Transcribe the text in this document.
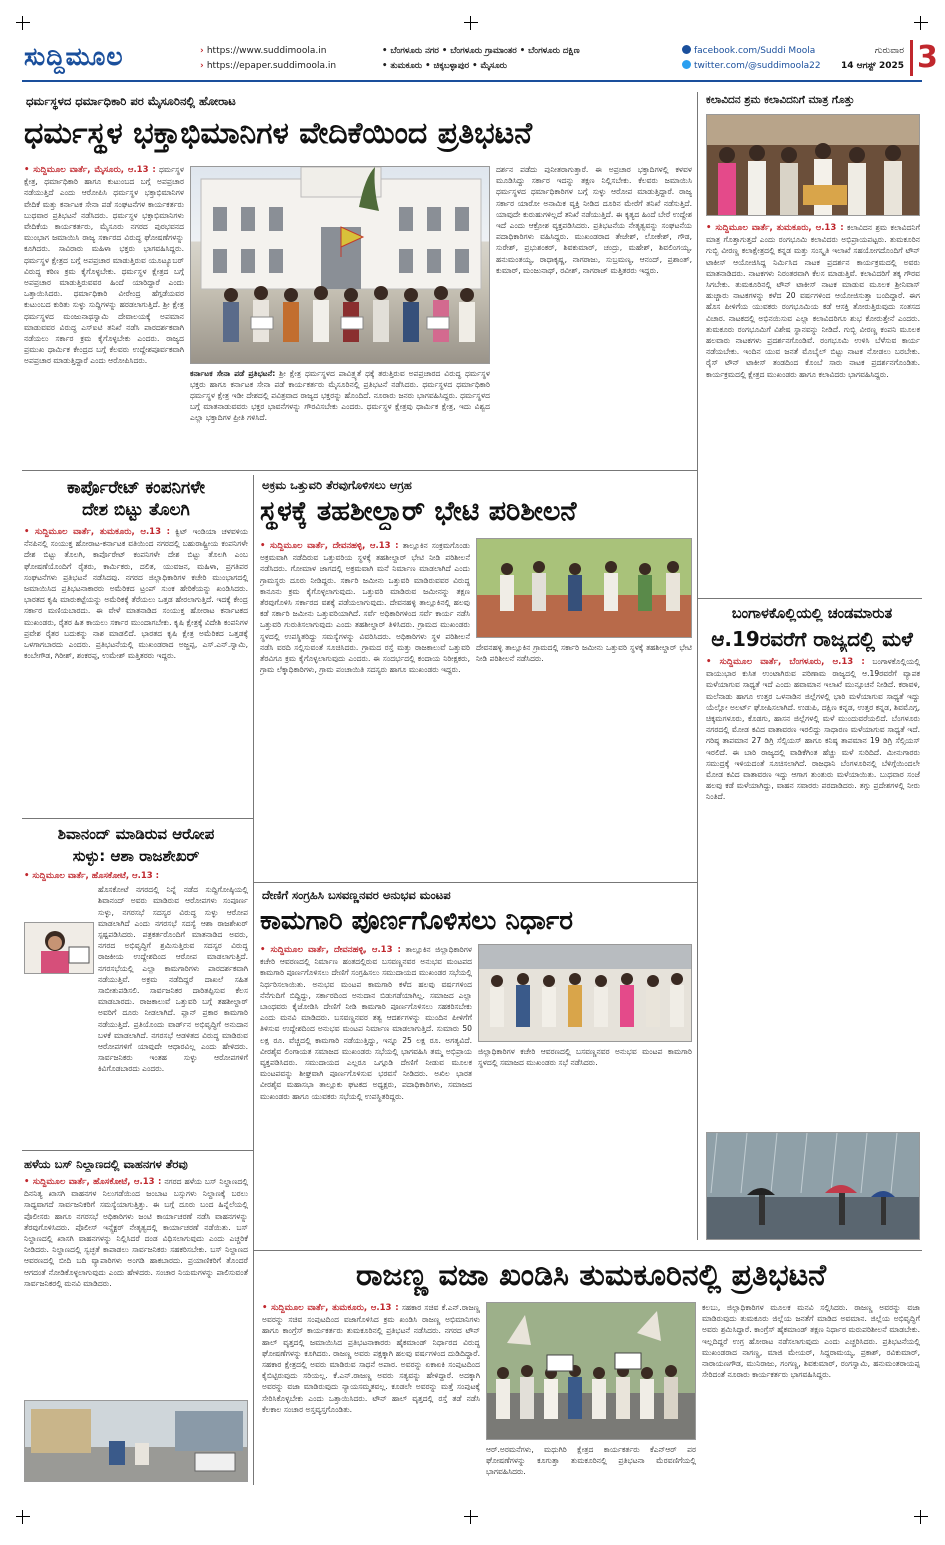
ಸುದ್ದಿಮೂಲ
›	https://www.suddimoola.in
› https://epaper.suddimoola.in
• ಬೆಂಗಳೂರು ನಗರ • ಬೆಂಗಳೂರು ಗ್ರಾಮಾಂತರ • ಬೆಂಗಳೂರು ದಕ್ಷಿಣ
• ತುಮಕೂರು • ಚಿಕ್ಕಬಳ್ಳಾಪುರ • ಮೈಸೂರು
facebook.com/Suddi Moola
twitter.com/@suddimoola22
ಗುರುವಾರ
14 ಆಗಸ್ಟ್ 2025 3
ಧರ್ಮಸ್ಥಳದ ಧರ್ಮಾಧಿಕಾರಿ ಪರ ಮೈಸೂರಿನಲ್ಲಿ ಹೋರಾಟ
ಧರ್ಮಸ್ಥಳ ಭಕ್ತಾಭಿಮಾನಿಗಳ ವೇದಿಕೆಯಿಂದ ಪ್ರತಿಭಟನೆ

• ಸುದ್ದಿಮೂಲ ವಾರ್ತೆ, ಮೈಸೂರು, ಆ.13 : ಧರ್ಮಸ್ಥಳ ಕ್ಷೇತ್ರ, ಧರ್ಮಾಧಿಕಾರಿ ಹಾಗೂ ಕುಟುಂಬದ ಬಗ್ಗೆ ಅಪಪ್ರಚಾರ ನಡೆಯುತ್ತಿದೆ ಎಂದು ಆರೋಪಿಸಿ ಧರ್ಮಸ್ಥಳ ಭಕ್ತಾಭಿಮಾನಿಗಳ ವೇದಿಕೆ ಮತ್ತು ಕರ್ನಾಟಕ ಸೇನಾ ಪಡೆ ಸಂಘಟನೆಗಳ ಕಾರ್ಯಕರ್ತರು ಬುಧವಾರ ಪ್ರತಿಭಟನೆ ನಡೆಸಿದರು. ಧರ್ಮಸ್ಥಳ ಭಕ್ತಾಭಿಮಾನಿಗಳು ವೇದಿಕೆಯ ಕಾರ್ಯಕರ್ತರು, ಮೈಸೂರು ನಗರದ ಪುರಭವನದ ಮುಂಭಾಗ ಜಮಾಯಿಸಿ ರಾಜ್ಯ ಸರ್ಕಾರದ ವಿರುದ್ಧ ಘೋಷಣೆಗಳನ್ನು ಕೂಗಿದರು. ಸಾವಿರಾರು ಮಹಿಳಾ ಭಕ್ತರು ಭಾಗವಹಿಸಿದ್ದರು. ಧರ್ಮಸ್ಥಳ ಕ್ಷೇತ್ರದ ಬಗ್ಗೆ ಅಪಪ್ರಚಾರ ಮಾಡುತ್ತಿರುವ ಯೂಟ್ಯೂಬರ್ ವಿರುದ್ಧ ಕಠಿಣ ಕ್ರಮ ಕೈಗೊಳ್ಳಬೇಕು. ಧರ್ಮಸ್ಥಳ ಕ್ಷೇತ್ರದ ಬಗ್ಗೆ ಅಪಪ್ರಚಾರ ಮಾಡುತ್ತಿರುವವರ ಹಿಂದೆ ಯಾರಿದ್ದಾರೆ ಎಂದು ಒತ್ತಾಯಿಸಿದರು. ಧರ್ಮಾಧಿಕಾರಿ ವೀರೇಂದ್ರ ಹೆಗ್ಗಡೆಯವರ ಕುಟುಂಬದ ಕುರಿತು ಸುಳ್ಳು ಸುದ್ದಿಗಳನ್ನು ಹರಡಲಾಗುತ್ತಿದೆ. ಶ್ರೀ ಕ್ಷೇತ್ರ ಧರ್ಮಸ್ಥಳದ ಮಂಜುನಾಥಸ್ವಾಮಿ ದೇವಾಲಯಕ್ಕೆ ಅಪಮಾನ ಮಾಡುವವರ ವಿರುದ್ಧ ಎಸ್ಐಟಿ ತನಿಖೆ ನಡೆಸಿ ಪಾರದರ್ಶಕವಾಗಿ ನಡೆಯಲು ಸರ್ಕಾರ ಕ್ರಮ ಕೈಗೊಳ್ಳಬೇಕು ಎಂದರು. ರಾಜ್ಯದ ಪ್ರಮುಖ ಧಾರ್ಮಿಕ ಕೇಂದ್ರದ ಬಗ್ಗೆ ಕೆಲವರು ಉದ್ದೇಶಪೂರ್ವಕವಾಗಿ ಅಪಪ್ರಚಾರ ಮಾಡುತ್ತಿದ್ದಾರೆ ಎಂದು ಆರೋಪಿಸಿದರು.

ಕರ್ನಾಟಕ ಸೇನಾ ಪಡೆ ಪ್ರತಿಭಟನೆ: ಶ್ರೀ ಕ್ಷೇತ್ರ ಧರ್ಮಸ್ಥಳದ ಪಾವಿತ್ರ್ಯತೆ ಧಕ್ಕೆ ತರುತ್ತಿರುವ ಅಪಪ್ರಚಾರದ ವಿರುದ್ಧ ಧರ್ಮಸ್ಥಳ ಭಕ್ತರು ಹಾಗೂ ಕರ್ನಾಟಕ ಸೇನಾ ಪಡೆ ಕಾರ್ಯಕರ್ತರು ಮೈಸೂರಿನಲ್ಲಿ ಪ್ರತಿಭಟನೆ ನಡೆಸಿದರು. ಧರ್ಮಸ್ಥಳದ ಧರ್ಮಾಧಿಕಾರಿ ಧರ್ಮಸ್ಥಳ ಕ್ಷೇತ್ರ ಇಡೀ ದೇಶದಲ್ಲಿ ಪವಿತ್ರವಾದ ರಾಜ್ಯದ ಭಕ್ತರನ್ನು ಹೊಂದಿದೆ. ನೂರಾರು ಜನರು ಭಾಗವಹಿಸಿದ್ದರು. ಧರ್ಮಸ್ಥಳದ ಬಗ್ಗೆ ಮಾತನಾಡುವವರು ಭಕ್ತರ ಭಾವನೆಗಳನ್ನು ಗೌರವಿಸಬೇಕು ಎಂದರು. ಧರ್ಮಸ್ಥಳ ಕ್ಷೇತ್ರವು ಧಾರ್ಮಿಕ ಕ್ಷೇತ್ರ, ಇದು ವಿಶ್ವದ ಎಲ್ಲಾ ಭಕ್ತಾದಿಗಳ ಪ್ರೀತಿ ಗಳಿಸಿದೆ.
ದರ್ಶನ ಪಡೆದು ಪುನೀತರಾಗುತ್ತಾರೆ. ಈ ಅಪ್ರಚಾರ ಭಕ್ತಾದಿಗಳಲ್ಲಿ ಕಳವಳ ಮೂಡಿಸಿದ್ದು ಸರ್ಕಾರ ಇದನ್ನು ತಕ್ಷಣ ನಿಲ್ಲಿಸಬೇಕು. ಕೆಲವರು ಜಮಾಯಿಸಿ ಧರ್ಮಸ್ಥಳದ ಧರ್ಮಾಧಿಕಾರಿಗಳ ಬಗ್ಗೆ ಸುಳ್ಳು ಆರೋಪ ಮಾಡುತ್ತಿದ್ದಾರೆ. ರಾಜ್ಯ ಸರ್ಕಾರ ಯಾರೋ ಅನಾಮಿಕ ವ್ಯಕ್ತಿ ನೀಡಿದ ದೂರಿನ ಮೇರೆಗೆ ತನಿಖೆ ನಡೆಸುತ್ತಿದೆ. ಯಾವುದೇ ಕುರುಹುಗಳಿಲ್ಲದೆ ತನಿಖೆ ನಡೆಯುತ್ತಿದೆ. ಈ ಕೃತ್ಯದ ಹಿಂದೆ ಬೇರೆ ಉದ್ದೇಶ ಇದೆ ಎಂದು ಆಕ್ರೋಶ ವ್ಯಕ್ತಪಡಿಸಿದರು. ಪ್ರತಿಭಟನೆಯ ನೇತೃತ್ವವನ್ನು ಸಂಘಟನೆಯ ಪದಾಧಿಕಾರಿಗಳು ವಹಿಸಿದ್ದರು. ಮುಖಂಡರಾದ ತೇಜೇಶ್, ಲೋಕೇಶ್, ಗೌಡ, ಸುರೇಶ್, ಪ್ರಭುಶಂಕರ್, ಶಿವಕುಮಾರ್, ಚಂದ್ರು, ಮಹೇಶ್, ಶಿವಲಿಂಗಯ್ಯ, ಹನುಮಂತಯ್ಯ, ರಾಧಾಕೃಷ್ಣ, ನಾಗರಾಜು, ಸುಬ್ರಮಣ್ಯ, ಆನಂದ್, ಪ್ರಶಾಂತ್, ಕುಮಾರ್, ಮಂಜುನಾಥ್, ರವೀಶ್, ನಾಗರಾಜ್ ಮತ್ತಿತರರು ಇದ್ದರು.
ಕಲಾವಿದನ ಶ್ರಮ ಕಲಾವಿದನಿಗೆ ಮಾತ್ರ ಗೊತ್ತು

• ಸುದ್ದಿಮೂಲ ವಾರ್ತೆ, ತುಮಕೂರು, ಆ.13 : ಕಲಾವಿದನ ಶ್ರಮ ಕಲಾವಿದನಿಗೆ ಮಾತ್ರ ಗೊತ್ತಾಗುತ್ತದೆ ಎಂದು ರಂಗಭೂಮಿ ಕಲಾವಿದರು ಅಭಿಪ್ರಾಯಪಟ್ಟರು. ತುಮಕೂರಿನ ಗುಬ್ಬಿ ವೀರಣ್ಣ ಕಲಾಕ್ಷೇತ್ರದಲ್ಲಿ ಕನ್ನಡ ಮತ್ತು ಸಂಸ್ಕೃತಿ ಇಲಾಖೆ ಸಹಯೋಗದೊಂದಿಗೆ ಟೌನ್ ಟಾಕೀಸ್ ಆಯೋಜಿಸಿದ್ದ ನಿರ್ಮಿಸಿದ ನಾಟಕ ಪ್ರದರ್ಶನ ಕಾರ್ಯಕ್ರಮದಲ್ಲಿ ಅವರು ಮಾತನಾಡಿದರು. ನಾಟಕಗಳು ನಿರಂತರವಾಗಿ ಕೆಲಸ ಮಾಡುತ್ತಿವೆ. ಕಲಾವಿದರಿಗೆ ತಕ್ಕ ಗೌರವ ಸಿಗಬೇಕು. ತುಮಕೂರಿನಲ್ಲಿ ಟೌನ್ ಟಾಕೀಸ್ ನಾಟಕ ಮಾಡುವ ಮೂಲಕ ಶ್ರೀನಿವಾಸ್ ಹುಚ್ಚಾರು ನಾಟಕಗಳನ್ನು ಕಳೆದ 20 ವರ್ಷಗಳಿಂದ ಆಯೋಜಿಸುತ್ತಾ ಬಂದಿದ್ದಾರೆ. ಈಗ ಹೊಸ ಪೀಳಿಗೆಯ ಯುವಕರು ರಂಗಭೂಮಿಯ ಕಡೆ ಆಸಕ್ತಿ ತೋರುತ್ತಿರುವುದು ಸಂತಸದ ವಿಚಾರ. ನಾಟಕದಲ್ಲಿ ಅಭಿನಯಿಸುವ ಎಲ್ಲಾ ಕಲಾವಿದರಿಗೂ ಶುಭ ಕೋರುತ್ತೇನೆ ಎಂದರು. ತುಮಕೂರು ರಂಗಭೂಮಿಗೆ ವಿಶೇಷ ಸ್ಥಾನವನ್ನು ನೀಡಿದೆ. ಗುಬ್ಬಿ ವೀರಣ್ಣ ಕಂಪನಿ ಮೂಲಕ ಹಲವಾರು ನಾಟಕಗಳು ಪ್ರದರ್ಶನಗೊಂಡಿವೆ. ರಂಗಭೂಮಿ ಉಳಿಸಿ ಬೆಳೆಸುವ ಕಾರ್ಯ ನಡೆಯಬೇಕು. ಇಂದಿನ ಯುವ ಜನತೆ ಮೊಬೈಲ್ ಬಿಟ್ಟು ನಾಟಕ ನೋಡಲು ಬರಬೇಕು. ರೈಸ್ ಟೌನ್ ಟಾಕೀಸ್ ತಂಡದಿಂದ ಕೊಂಬೆ ಸಾರು ನಾಟಕ ಪ್ರದರ್ಶನಗೊಂಡಿತು. ಕಾರ್ಯಕ್ರಮದಲ್ಲಿ ಕ್ಷೇತ್ರದ ಮುಖಂಡರು ಹಾಗೂ ಕಲಾವಿದರು ಭಾಗವಹಿಸಿದ್ದರು.

ಕಾರ್ಪೊರೇಟ್ ಕಂಪನಿಗಳೇ
ದೇಶ ಬಿಟ್ಟು ತೊಲಗಿ

• ಸುದ್ದಿಮೂಲ ವಾರ್ತೆ, ತುಮಕೂರು, ಆ.13 : ಕ್ವಿಟ್ ಇಂಡಿಯಾ ಚಳವಳಿಯ ನೆನಪಿನಲ್ಲಿ ಸಂಯುಕ್ತ ಹೋರಾಟ-ಕರ್ನಾಟಕ ವತಿಯಿಂದ ನಗರದಲ್ಲಿ ಬಹುರಾಷ್ಟ್ರೀಯ ಕಂಪನಿಗಳೇ ದೇಶ ಬಿಟ್ಟು ತೊಲಗಿ, ಕಾರ್ಪೊರೇಟ್ ಕಂಪನಿಗಳೇ ದೇಶ ಬಿಟ್ಟು ತೊಲಗಿ ಎಂಬ ಘೋಷಣೆಯೊಂದಿಗೆ ರೈತರು, ಕಾರ್ಮಿಕರು, ದಲಿತ, ಯುವಜನ, ಮಹಿಳಾ, ಪ್ರಗತಿಪರ ಸಂಘಟನೆಗಳು ಪ್ರತಿಭಟನೆ ನಡೆಸಿದವು. ನಗರದ ಜಿಲ್ಲಾಧಿಕಾರಿಗಳ ಕಚೇರಿ ಮುಂಭಾಗದಲ್ಲಿ ಜಮಾಯಿಸಿದ ಪ್ರತಿಭಟನಾಕಾರರು ಅಮೆರಿಕದ ಟ್ರಂಪ್ ಸುಂಕ ಹೇರಿಕೆಯನ್ನು ಖಂಡಿಸಿದರು. ಭಾರತದ ಕೃಷಿ ಮಾರುಕಟ್ಟೆಯನ್ನು ಅಮೆರಿಕಕ್ಕೆ ತೆರೆಯಲು ಒತ್ತಡ ಹೇರಲಾಗುತ್ತಿದೆ. ಇದಕ್ಕೆ ಕೇಂದ್ರ ಸರ್ಕಾರ ಮಣಿಯಬಾರದು. ಈ ವೇಳೆ ಮಾತನಾಡಿದ ಸಂಯುಕ್ತ ಹೋರಾಟ ಕರ್ನಾಟಕದ ಮುಖಂಡರು, ರೈತರ ಹಿತ ಕಾಯಲು ಸರ್ಕಾರ ಮುಂದಾಗಬೇಕು. ಕೃಷಿ ಕ್ಷೇತ್ರಕ್ಕೆ ವಿದೇಶಿ ಕಂಪನಿಗಳ ಪ್ರವೇಶ ರೈತರ ಬದುಕನ್ನು ನಾಶ ಮಾಡಲಿದೆ. ಭಾರತದ ಕೃಷಿ ಕ್ಷೇತ್ರ ಅಮೆರಿಕದ ಒತ್ತಡಕ್ಕೆ ಒಳಗಾಗಬಾರದು ಎಂದರು. ಪ್ರತಿಭಟನೆಯಲ್ಲಿ ಮುಖಂಡರಾದ ಅಜ್ಜಪ್ಪ, ಎಸ್.ಎನ್.ಸ್ವಾಮಿ, ಕಂಬೇಗೌಡ, ಗಿರೀಶ್, ಶಂಕರಪ್ಪ, ಉಮೇಶ್ ಮತ್ತಿತರರು ಇದ್ದರು.

ಶಿವಾನಂದ್ ಮಾಡಿರುವ ಆರೋಪ
ಸುಳ್ಳು: ಆಶಾ ರಾಜಶೇಖರ್

• ಸುದ್ದಿಮೂಲ ವಾರ್ತೆ, ಹೊಸಕೋಟೆ, ಆ.13 :

ಹೊಸಕೋಟೆ ನಗರದಲ್ಲಿ ನಿನ್ನೆ ನಡೆದ ಸುದ್ದಿಗೋಷ್ಠಿಯಲ್ಲಿ ಶಿವಾನಂದ್ ಅವರು ಮಾಡಿರುವ ಆರೋಪಗಳು ಸಂಪೂರ್ಣ ಸುಳ್ಳು, ನಗರಸಭೆ ಸದಸ್ಯರ ವಿರುದ್ಧ ಸುಳ್ಳು ಆರೋಪ ಮಾಡಲಾಗಿದೆ ಎಂದು ನಗರಸಭೆ ಸದಸ್ಯೆ ಆಶಾ ರಾಜಶೇಖರ್ ಸ್ಪಷ್ಟಪಡಿಸಿದರು. ಪತ್ರಕರ್ತರೊಂದಿಗೆ ಮಾತನಾಡಿದ ಅವರು, ನಗರದ ಅಭಿವೃದ್ಧಿಗೆ ಶ್ರಮಿಸುತ್ತಿರುವ ಸದಸ್ಯರ ವಿರುದ್ಧ ರಾಜಕೀಯ ಉದ್ದೇಶದಿಂದ ಆರೋಪ ಮಾಡಲಾಗುತ್ತಿದೆ. ನಗರಸಭೆಯಲ್ಲಿ ಎಲ್ಲಾ ಕಾಮಗಾರಿಗಳು ಪಾರದರ್ಶಕವಾಗಿ ನಡೆಯುತ್ತಿವೆ. ಅಕ್ರಮ ನಡೆದಿದ್ದರೆ ದಾಖಲೆ ಸಹಿತ ಸಾಬೀತುಪಡಿಸಲಿ. ಸಾರ್ವಜನಿಕರ ದಾರಿತಪ್ಪಿಸುವ ಕೆಲಸ ಮಾಡಬಾರದು. ರಾಜಕಾಲುವೆ ಒತ್ತುವರಿ ಬಗ್ಗೆ ತಹಶೀಲ್ದಾರ್ ಅವರಿಗೆ ದೂರು ನೀಡಲಾಗಿದೆ. ಪ್ಲಾನ್ ಪ್ರಕಾರ ಕಾಮಗಾರಿ ನಡೆಯುತ್ತಿದೆ. ಪ್ರತಿಯೊಂದು ವಾರ್ಡ್‌ನ ಅಭಿವೃದ್ಧಿಗೆ ಅನುದಾನ ಬಳಕೆ ಮಾಡಲಾಗಿದೆ. ನಗರಸಭೆ ಆಡಳಿತದ ವಿರುದ್ಧ ಮಾಡಿರುವ ಆರೋಪಗಳಿಗೆ ಯಾವುದೇ ಆಧಾರವಿಲ್ಲ ಎಂದು ಹೇಳಿದರು. ಸಾರ್ವಜನಿಕರು ಇಂತಹ ಸುಳ್ಳು ಆರೋಪಗಳಿಗೆ ಕಿವಿಗೊಡಬಾರದು ಎಂದರು.

ಹಳೆಯ ಬಸ್ ನಿಲ್ದಾಣದಲ್ಲಿ ವಾಹನಗಳ ತೆರವು

• ಸುದ್ದಿಮೂಲ ವಾರ್ತೆ, ಹೊಸಕೋಟೆ, ಆ.13 : ನಗರದ ಹಳೆಯ ಬಸ್ ನಿಲ್ದಾಣದಲ್ಲಿ ದಿನನಿತ್ಯ ಖಾಸಗಿ ವಾಹನಗಳ ನಿಲುಗಡೆಯಿಂದ ಜಂಬಾಟ ಬಸ್ಸುಗಳು ನಿಲ್ದಾಣಕ್ಕೆ ಬರಲು ಸಾಧ್ಯವಾಗದೆ ಸಾರ್ವಜನಿಕರಿಗೆ ಸಮಸ್ಯೆಯಾಗುತ್ತಿತ್ತು. ಈ ಬಗ್ಗೆ ದೂರು ಬಂದ ಹಿನ್ನೆಲೆಯಲ್ಲಿ ಪೊಲೀಸರು ಹಾಗೂ ನಗರಸಭೆ ಅಧಿಕಾರಿಗಳು ಜಂಟಿ ಕಾರ್ಯಾಚರಣೆ ನಡೆಸಿ ವಾಹನಗಳನ್ನು ತೆರವುಗೊಳಿಸಿದರು. ಪೊಲೀಸ್ ಇನ್ಸ್ಪೆಕ್ಟರ್ ನೇತೃತ್ವದಲ್ಲಿ ಕಾರ್ಯಾಚರಣೆ ನಡೆಯಿತು. ಬಸ್ ನಿಲ್ದಾಣದಲ್ಲಿ ಖಾಸಗಿ ವಾಹನಗಳನ್ನು ನಿಲ್ಲಿಸಿದರೆ ದಂಡ ವಿಧಿಸಲಾಗುವುದು ಎಂದು ಎಚ್ಚರಿಕೆ ನೀಡಿದರು. ನಿಲ್ದಾಣದಲ್ಲಿ ಸ್ವಚ್ಛತೆ ಕಾಪಾಡಲು ಸಾರ್ವಜನಿಕರು ಸಹಕರಿಸಬೇಕು. ಬಸ್ ನಿಲ್ದಾಣದ ಆವರಣದಲ್ಲಿ ಬೀದಿ ಬದಿ ವ್ಯಾಪಾರಿಗಳು ಅಂಗಡಿ ಹಾಕಬಾರದು. ಪ್ರಯಾಣಿಕರಿಗೆ ತೊಂದರೆ ಆಗದಂತೆ ನೋಡಿಕೊಳ್ಳಲಾಗುವುದು ಎಂದು ಹೇಳಿದರು. ಸಂಚಾರ ನಿಯಮಗಳನ್ನು ಪಾಲಿಸುವಂತೆ ಸಾರ್ವಜನಿಕರಲ್ಲಿ ಮನವಿ ಮಾಡಿದರು.

ಅಕ್ರಮ ಒತ್ತುವರಿ ತೆರವುಗೊಳಿಸಲು ಆಗ್ರಹ
ಸ್ಥಳಕ್ಕೆ ತಹಶೀಲ್ದಾರ್ ಭೇಟಿ ಪರಿಶೀಲನೆ

• ಸುದ್ದಿಮೂಲ ವಾರ್ತೆ, ದೇವನಹಳ್ಳಿ, ಆ.13 : ತಾಲ್ಲೂಕಿನ ಸಂಕ್ರಮಗೊಂಡು ಅಕ್ರಮವಾಗಿ ನಡೆದಿರುವ ಒತ್ತುವರಿಯ ಸ್ಥಳಕ್ಕೆ ತಹಶೀಲ್ದಾರ್ ಭೇಟಿ ನೀಡಿ ಪರಿಶೀಲನೆ ನಡೆಸಿದರು. ಗೋಮಾಳ ಜಾಗದಲ್ಲಿ ಅಕ್ರಮವಾಗಿ ಮನೆ ನಿರ್ಮಾಣ ಮಾಡಲಾಗಿದೆ ಎಂದು ಗ್ರಾಮಸ್ಥರು ದೂರು ನೀಡಿದ್ದರು. ಸರ್ಕಾರಿ ಜಮೀನು ಒತ್ತುವರಿ ಮಾಡಿರುವವರ ವಿರುದ್ಧ ಕಾನೂನು ಕ್ರಮ ಕೈಗೊಳ್ಳಲಾಗುವುದು. ಒತ್ತುವರಿ ಮಾಡಿರುವ ಜಮೀನನ್ನು ತಕ್ಷಣ ತೆರವುಗೊಳಿಸಿ ಸರ್ಕಾರದ ವಶಕ್ಕೆ ಪಡೆಯಲಾಗುವುದು. ದೇವನಹಳ್ಳಿ ತಾಲ್ಲೂಕಿನಲ್ಲಿ ಹಲವು ಕಡೆ ಸರ್ಕಾರಿ ಜಮೀನು ಒತ್ತುವರಿಯಾಗಿದೆ. ಸರ್ವೆ ಅಧಿಕಾರಿಗಳಿಂದ ಸರ್ವೆ ಕಾರ್ಯ ನಡೆಸಿ ಒತ್ತುವರಿ ಗುರುತಿಸಲಾಗುವುದು ಎಂದು ತಹಶೀಲ್ದಾರ್ ತಿಳಿಸಿದರು. ಗ್ರಾಮದ ಮುಖಂಡರು ಸ್ಥಳದಲ್ಲಿ ಉಪಸ್ಥಿತರಿದ್ದು ಸಮಸ್ಯೆಗಳನ್ನು ವಿವರಿಸಿದರು. ಅಧಿಕಾರಿಗಳು ಸ್ಥಳ ಪರಿಶೀಲನೆ ನಡೆಸಿ ವರದಿ ಸಲ್ಲಿಸುವಂತೆ ಸೂಚಿಸಿದರು. ಗ್ರಾಮದ ರಸ್ತೆ ಮತ್ತು ರಾಜಕಾಲುವೆ ಒತ್ತುವರಿ ತೆರವಿಗೂ ಕ್ರಮ ಕೈಗೊಳ್ಳಲಾಗುವುದು ಎಂದರು. ಈ ಸಂದರ್ಭದಲ್ಲಿ ಕಂದಾಯ ನಿರೀಕ್ಷಕರು, ಗ್ರಾಮ ಲೆಕ್ಕಾಧಿಕಾರಿಗಳು, ಗ್ರಾಮ ಪಂಚಾಯಿತಿ ಸದಸ್ಯರು ಹಾಗೂ ಮುಖಂಡರು ಇದ್ದರು.

ದೇವನಹಳ್ಳಿ ತಾಲ್ಲೂಕಿನ ಗ್ರಾಮದಲ್ಲಿ ಸರ್ಕಾರಿ ಜಮೀನು ಒತ್ತುವರಿ ಸ್ಥಳಕ್ಕೆ ತಹಶೀಲ್ದಾರ್ ಭೇಟಿ ನೀಡಿ ಪರಿಶೀಲನೆ ನಡೆಸಿದರು.
ಬಂಗಾಳಕೊಲ್ಲಿಯಲ್ಲಿ ಚಂಡಮಾರುತ
ಆ.19ರವರೆಗೆ ರಾಜ್ಯದಲ್ಲಿ ಮಳೆ

• ಸುದ್ದಿಮೂಲ ವಾರ್ತೆ, ಬೆಂಗಳೂರು, ಆ.13 : ಬಂಗಾಳಕೊಲ್ಲಿಯಲ್ಲಿ ವಾಯುಭಾರ ಕುಸಿತ ಉಂಟಾಗಿರುವ ಪರಿಣಾಮ ರಾಜ್ಯದಲ್ಲಿ ಆ.19ರವರೆಗೆ ವ್ಯಾಪಕ ಮಳೆಯಾಗುವ ಸಾಧ್ಯತೆ ಇದೆ ಎಂದು ಹವಾಮಾನ ಇಲಾಖೆ ಮುನ್ಸೂಚನೆ ನೀಡಿದೆ. ಕರಾವಳಿ, ಮಲೆನಾಡು ಹಾಗೂ ಉತ್ತರ ಒಳನಾಡಿನ ಜಿಲ್ಲೆಗಳಲ್ಲಿ ಭಾರಿ ಮಳೆಯಾಗುವ ಸಾಧ್ಯತೆ ಇದ್ದು ಯೆಲ್ಲೋ ಅಲರ್ಟ್ ಘೋಷಿಸಲಾಗಿದೆ. ಉಡುಪಿ, ದಕ್ಷಿಣ ಕನ್ನಡ, ಉತ್ತರ ಕನ್ನಡ, ಶಿವಮೊಗ್ಗ, ಚಿಕ್ಕಮಗಳೂರು, ಕೊಡಗು, ಹಾಸನ ಜಿಲ್ಲೆಗಳಲ್ಲಿ ಮಳೆ ಮುಂದುವರೆಯಲಿದೆ. ಬೆಂಗಳೂರು ನಗರದಲ್ಲಿ ಮೋಡ ಕವಿದ ವಾತಾವರಣ ಇರಲಿದ್ದು ಸಾಧಾರಣ ಮಳೆಯಾಗುವ ಸಾಧ್ಯತೆ ಇದೆ. ಗರಿಷ್ಠ ತಾಪಮಾನ 27 ಡಿಗ್ರಿ ಸೆಲ್ಸಿಯಸ್ ಹಾಗೂ ಕನಿಷ್ಠ ತಾಪಮಾನ 19 ಡಿಗ್ರಿ ಸೆಲ್ಸಿಯಸ್ ಇರಲಿದೆ. ಈ ಬಾರಿ ರಾಜ್ಯದಲ್ಲಿ ವಾಡಿಕೆಗಿಂತ ಹೆಚ್ಚು ಮಳೆ ಸುರಿದಿದೆ. ಮೀನುಗಾರರು ಸಮುದ್ರಕ್ಕೆ ಇಳಿಯದಂತೆ ಸೂಚಿಸಲಾಗಿದೆ. ರಾಜಧಾನಿ ಬೆಂಗಳೂರಿನಲ್ಲಿ ಬೆಳಿಗ್ಗೆಯಿಂದಲೇ ಮೋಡ ಕವಿದ ವಾತಾವರಣ ಇದ್ದು ಆಗಾಗ ತುಂತುರು ಮಳೆಯಾಯಿತು. ಬುಧವಾರ ಸಂಜೆ ಹಲವು ಕಡೆ ಮಳೆಯಾಗಿದ್ದು, ವಾಹನ ಸವಾರರು ಪರದಾಡಿದರು. ತಗ್ಗು ಪ್ರದೇಶಗಳಲ್ಲಿ ನೀರು ನಿಂತಿದೆ.

ದೇಣಿಗೆ ಸಂಗ್ರಹಿಸಿ ಬಸವಣ್ಣನವರ ಅನುಭವ ಮಂಟಪ
ಕಾಮಗಾರಿ ಪೂರ್ಣಗೊಳಿಸಲು ನಿರ್ಧಾರ

• ಸುದ್ದಿಮೂಲ ವಾರ್ತೆ, ದೇವನಹಳ್ಳಿ, ಆ.13 : ತಾಲ್ಲೂಕಿನ ಜಿಲ್ಲಾಧಿಕಾರಿಗಳ ಕಚೇರಿ ಆವರಣದಲ್ಲಿ ನಿರ್ಮಾಣ ಹಂತದಲ್ಲಿರುವ ಬಸವಣ್ಣನವರ ಅನುಭವ ಮಂಟಪದ ಕಾಮಗಾರಿ ಪೂರ್ಣಗೊಳಿಸಲು ದೇಣಿಗೆ ಸಂಗ್ರಹಿಸಲು ಸಮುದಾಯದ ಮುಖಂಡರ ಸಭೆಯಲ್ಲಿ ನಿರ್ಧರಿಸಲಾಯಿತು. ಅನುಭವ ಮಂಟಪ ಕಾಮಗಾರಿ ಕಳೆದ ಹಲವು ವರ್ಷಗಳಿಂದ ನೆನೆಗುದಿಗೆ ಬಿದ್ದಿದ್ದು, ಸರ್ಕಾರದಿಂದ ಅನುದಾನ ಬಿಡುಗಡೆಯಾಗಿಲ್ಲ. ಸಮಾಜದ ಎಲ್ಲಾ ಬಾಂಧವರು ಕೈಜೋಡಿಸಿ ದೇಣಿಗೆ ನೀಡಿ ಕಾಮಗಾರಿ ಪೂರ್ಣಗೊಳಿಸಲು ಸಹಕರಿಸಬೇಕು ಎಂದು ಮನವಿ ಮಾಡಿದರು. ಬಸವಣ್ಣನವರ ತತ್ವ ಆದರ್ಶಗಳನ್ನು ಮುಂದಿನ ಪೀಳಿಗೆಗೆ ತಿಳಿಸುವ ಉದ್ದೇಶದಿಂದ ಅನುಭವ ಮಂಟಪ ನಿರ್ಮಾಣ ಮಾಡಲಾಗುತ್ತಿದೆ. ಸುಮಾರು 50 ಲಕ್ಷ ರೂ. ವೆಚ್ಚದಲ್ಲಿ ಕಾಮಗಾರಿ ನಡೆಯುತ್ತಿದ್ದು, ಇನ್ನೂ 25 ಲಕ್ಷ ರೂ. ಅಗತ್ಯವಿದೆ. ವೀರಶೈವ ಲಿಂಗಾಯತ ಸಮಾಜದ ಮುಖಂಡರು ಸಭೆಯಲ್ಲಿ ಭಾಗವಹಿಸಿ ತಮ್ಮ ಅಭಿಪ್ರಾಯ ವ್ಯಕ್ತಪಡಿಸಿದರು. ಸಮುದಾಯದ ಎಲ್ಲರೂ ಒಗ್ಗೂಡಿ ದೇಣಿಗೆ ನೀಡುವ ಮೂಲಕ ಮಂಟಪವನ್ನು ಶೀಘ್ರವಾಗಿ ಪೂರ್ಣಗೊಳಿಸುವ ಭರವಸೆ ನೀಡಿದರು. ಅಖಿಲ ಭಾರತ ವೀರಶೈವ ಮಹಾಸಭಾ ತಾಲ್ಲೂಕು ಘಟಕದ ಅಧ್ಯಕ್ಷರು, ಪದಾಧಿಕಾರಿಗಳು, ಸಮಾಜದ ಮುಖಂಡರು ಹಾಗೂ ಯುವಕರು ಸಭೆಯಲ್ಲಿ ಉಪಸ್ಥಿತರಿದ್ದರು.

ಜಿಲ್ಲಾಧಿಕಾರಿಗಳ ಕಚೇರಿ ಆವರಣದಲ್ಲಿ ಬಸವಣ್ಣನವರ ಅನುಭವ ಮಂಟಪ ಕಾಮಗಾರಿ ಸ್ಥಳದಲ್ಲಿ ಸಮಾಜದ ಮುಖಂಡರು ಸಭೆ ನಡೆಸಿದರು.
ರಾಜಣ್ಣ ವಜಾ ಖಂಡಿಸಿ ತುಮಕೂರಿನಲ್ಲಿ ಪ್ರತಿಭಟನೆ

• ಸುದ್ದಿಮೂಲ ವಾರ್ತೆ, ತುಮಕೂರು, ಆ.13 : ಸಹಕಾರ ಸಚಿವ ಕೆ.ಎನ್.ರಾಜಣ್ಣ ಅವರನ್ನು ಸಚಿವ ಸಂಪುಟದಿಂದ ವಜಾಗೊಳಿಸಿದ ಕ್ರಮ ಖಂಡಿಸಿ ರಾಜಣ್ಣ ಅಭಿಮಾನಿಗಳು ಹಾಗೂ ಕಾಂಗ್ರೆಸ್ ಕಾರ್ಯಕರ್ತರು ತುಮಕೂರಿನಲ್ಲಿ ಪ್ರತಿಭಟನೆ ನಡೆಸಿದರು. ನಗರದ ಟೌನ್ ಹಾಲ್ ವೃತ್ತದಲ್ಲಿ ಜಮಾಯಿಸಿದ ಪ್ರತಿಭಟನಾಕಾರರು ಹೈಕಮಾಂಡ್ ನಿರ್ಧಾರದ ವಿರುದ್ಧ ಘೋಷಣೆಗಳನ್ನು ಕೂಗಿದರು. ರಾಜಣ್ಣ ಅವರು ಪಕ್ಷಕ್ಕಾಗಿ ಹಲವು ವರ್ಷಗಳಿಂದ ದುಡಿದಿದ್ದಾರೆ. ಸಹಕಾರ ಕ್ಷೇತ್ರದಲ್ಲಿ ಅವರು ಮಾಡಿರುವ ಸಾಧನೆ ಅಪಾರ. ಅವರನ್ನು ಏಕಾಏಕಿ ಸಂಪುಟದಿಂದ ಕೈಬಿಟ್ಟಿರುವುದು ಸರಿಯಲ್ಲ. ಕೆ.ಎನ್.ರಾಜಣ್ಣ ಅವರು ಸತ್ಯವನ್ನು ಹೇಳಿದ್ದಾರೆ. ಅದಕ್ಕಾಗಿ ಅವರನ್ನು ವಜಾ ಮಾಡಿರುವುದು ನ್ಯಾಯಸಮ್ಮತವಲ್ಲ. ಕೂಡಲೇ ಅವರನ್ನು ಮತ್ತೆ ಸಂಪುಟಕ್ಕೆ ಸೇರಿಸಿಕೊಳ್ಳಬೇಕು ಎಂದು ಒತ್ತಾಯಿಸಿದರು. ಟೌನ್ ಹಾಲ್ ವೃತ್ತದಲ್ಲಿ ರಸ್ತೆ ತಡೆ ನಡೆಸಿ ಕೆಲಕಾಲ ಸಂಚಾರ ಅಸ್ತವ್ಯಸ್ತಗೊಂಡಿತು.

ಆರ್.ಅರಮನೆಗಳು, ಮಧುಗಿರಿ ಕ್ಷೇತ್ರದ ಕಾರ್ಯಕರ್ತರು ಕೆಎನ್‌ಆರ್ ಪರ ಘೋಷಣೆಗಳನ್ನು ಕೂಗುತ್ತಾ ತುಮಕೂರಿನಲ್ಲಿ ಪ್ರತಿಭಟನಾ ಮೆರವಣಿಗೆಯಲ್ಲಿ ಭಾಗವಹಿಸಿದರು.
ಕಲಬು, ಜಿಲ್ಲಾಧಿಕಾರಿಗಳ ಮೂಲಕ ಮನವಿ ಸಲ್ಲಿಸಿದರು. ರಾಜಣ್ಣ ಅವರನ್ನು ವಜಾ ಮಾಡಿರುವುದು ತುಮಕೂರು ಜಿಲ್ಲೆಯ ಜನತೆಗೆ ಮಾಡಿದ ಅವಮಾನ. ಜಿಲ್ಲೆಯ ಅಭಿವೃದ್ಧಿಗೆ ಅವರು ಶ್ರಮಿಸಿದ್ದಾರೆ. ಕಾಂಗ್ರೆಸ್ ಹೈಕಮಾಂಡ್ ತಕ್ಷಣ ನಿರ್ಧಾರ ಮರುಪರಿಶೀಲನೆ ಮಾಡಬೇಕು. ಇಲ್ಲದಿದ್ದರೆ ಉಗ್ರ ಹೋರಾಟ ನಡೆಸಲಾಗುವುದು ಎಂದು ಎಚ್ಚರಿಸಿದರು. ಪ್ರತಿಭಟನೆಯಲ್ಲಿ ಮುಖಂಡರಾದ ನಾಗಣ್ಣ, ಮಾಜಿ ಮೇಯರ್, ಸಿದ್ದರಾಮಯ್ಯ, ಪ್ರಕಾಶ್, ರವಿಕುಮಾರ್, ನಾರಾಯಣಗೌಡ, ಮುನಿರಾಜು, ಗಂಗಣ್ಣ, ಶಿವಕುಮಾರ್, ರಂಗಸ್ವಾಮಿ, ಹನುಮಂತರಾಯಪ್ಪ ಸೇರಿದಂತೆ ನೂರಾರು ಕಾರ್ಯಕರ್ತರು ಭಾಗವಹಿಸಿದ್ದರು.
